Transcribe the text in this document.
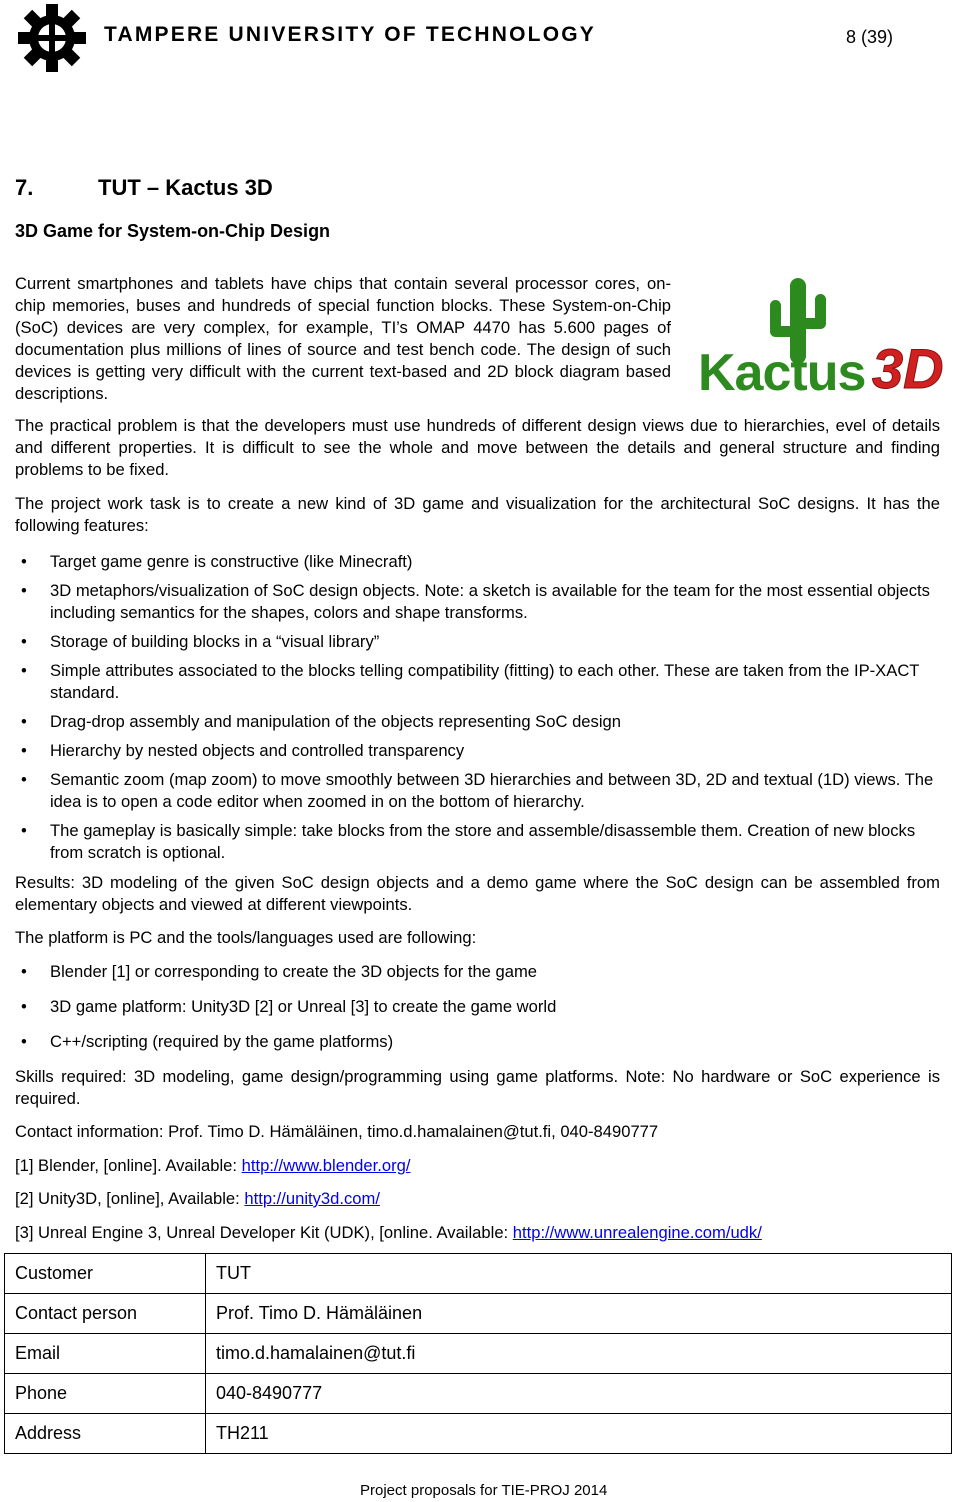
TAMPERE UNIVERSITY OF TECHNOLOGY	8 (39)
7.	TUT – Kactus 3D
3D Game for System-on-Chip Design
Current smartphones and tablets have chips that contain several processor cores, on-chip memories, buses and hundreds of special function blocks. These System-on-Chip (SoC) devices are very complex, for example, TI’s OMAP 4470 has 5.600 pages of documentation plus millions of lines of source and test bench code. The design of such devices is getting very difficult with the current text-based and 2D block diagram based descriptions.	Kactus 3D
The practical problem is that the developers must use hundreds of different design views due to hierarchies, evel of details and different properties. It is difficult to see the whole and move between the details and general structure and finding problems to be fixed.
The project work task is to create a new kind of 3D game and visualization for the architectural SoC designs. It has the following features:
• Target game genre is constructive (like Minecraft)
• 3D metaphors/visualization of SoC design objects. Note: a sketch is available for the team for the most essential objects including semantics for the shapes, colors and shape transforms.
• Storage of building blocks in a “visual library”
• Simple attributes associated to the blocks telling compatibility (fitting) to each other. These are taken from the IP-XACT standard.
• Drag-drop assembly and manipulation of the objects representing SoC design
• Hierarchy by nested objects and controlled transparency
• Semantic zoom (map zoom) to move smoothly between 3D hierarchies and between 3D, 2D and textual (1D) views. The idea is to open a code editor when zoomed in on the bottom of hierarchy.
• The gameplay is basically simple: take blocks from the store and assemble/disassemble them. Creation of new blocks from scratch is optional.
Results: 3D modeling of the given SoC design objects and a demo game where the SoC design can be assembled from elementary objects and viewed at different viewpoints.
The platform is PC and the tools/languages used are following:
• Blender [1] or corresponding to create the 3D objects for the game
• 3D game platform: Unity3D [2] or Unreal [3] to create the game world
• C++/scripting (required by the game platforms)
Skills required: 3D modeling, game design/programming using game platforms. Note: No hardware or SoC experience is required.
Contact information: Prof. Timo D. Hämäläinen, timo.d.hamalainen@tut.fi, 040-8490777
[1] Blender, [online]. Available: http://www.blender.org/
[2] Unity3D, [online], Available: http://unity3d.com/
[3] Unreal Engine 3, Unreal Developer Kit (UDK), [online. Available: http://www.unrealengine.com/udk/
Customer	TUT
Contact person	Prof. Timo D. Hämäläinen
Email	timo.d.hamalainen@tut.fi
Phone	040-8490777
Address	TH211
Project proposals for TIE-PROJ 2014
